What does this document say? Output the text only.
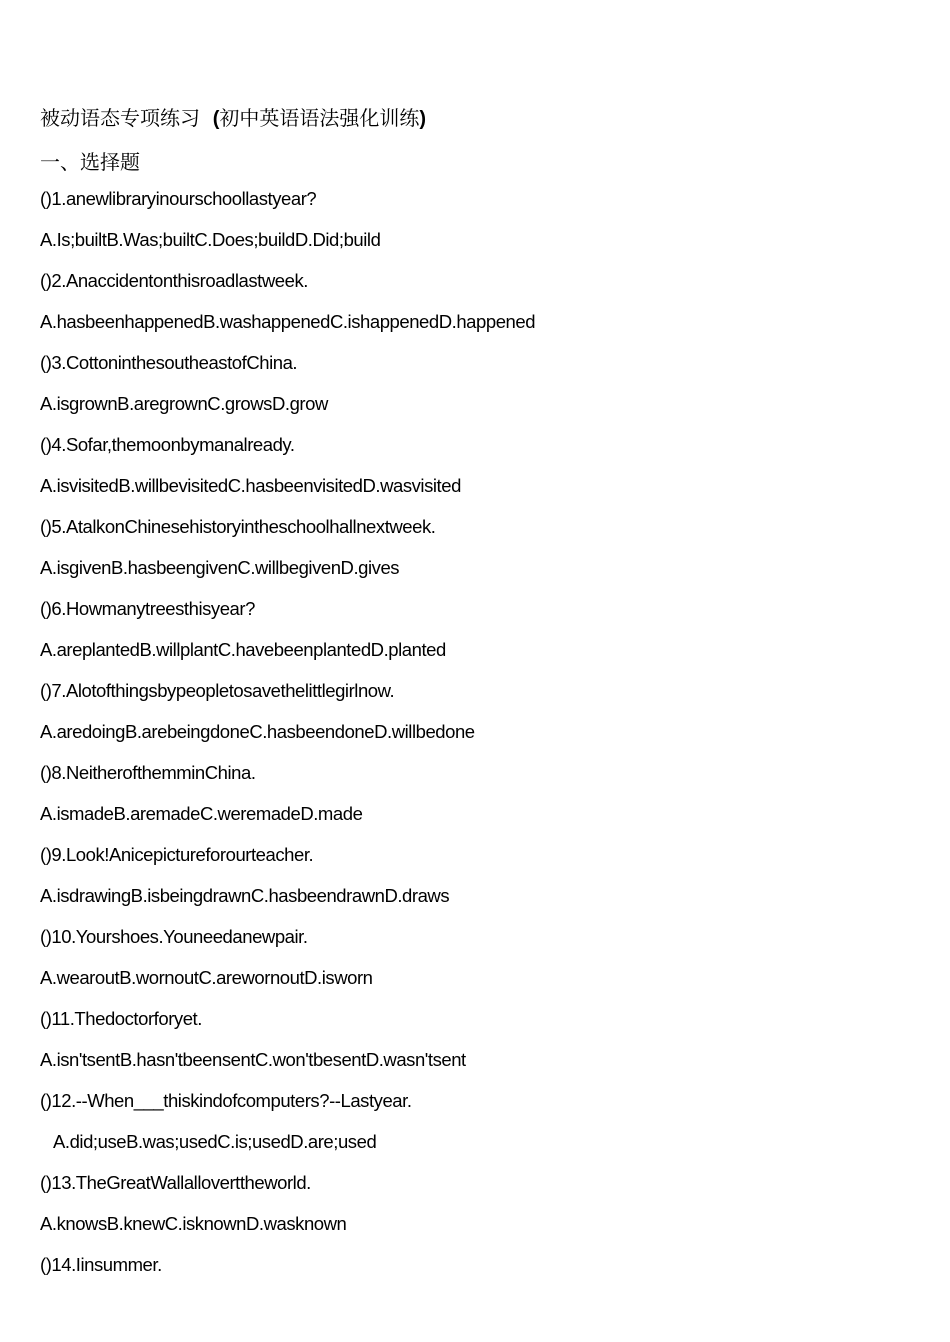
被动语态专项练习 (初中英语语法强化训练)
一、选择题
()1.anewlibraryinourschoollastyear?
A.Is;builtB.Was;builtC.Does;buildD.Did;build
()2.Anaccidentonthisroadlastweek.
A.hasbeenhappenedB.washappenedC.ishappenedD.happened
()3.CottoninthesoutheastofChina.
A.isgrownB.aregrownC.growsD.grow
()4.Sofar,themoonbymanalready.
A.isvisitedB.willbevisitedC.hasbeenvisitedD.wasvisited
()5.AtalkonChinesehistoryintheschoolhallnextweek.
A.isgivenB.hasbeengivenC.willbegivenD.gives
()6.Howmanytreesthisyear?
A.areplantedB.willplantC.havebeenplantedD.planted
()7.Alotofthingsbypeopletosavethelittlegirlnow.
A.aredoingB.arebeingdoneC.hasbeendoneD.willbedone
()8.NeitherofthemminChina.
A.ismadeB.aremadeC.weremadeD.made
()9.Look!Anicepictureforourteacher.
A.isdrawingB.isbeingdrawnC.hasbeendrawnD.draws
()10.Yourshoes.Youneedanewpair.
A.wearoutB.wornoutC.arewornoutD.isworn
()11.Thedoctorforyet.
A.isn'tsentB.hasn'tbeensentC.won'tbesentD.wasn'tsent
()12.--When___thiskindofcomputers?--Lastyear.
A.did;useB.was;usedC.is;usedD.are;used
()13.TheGreatWallalloverttheworld.
A.knowsB.knewC.isknownD.wasknown
()14.Iinsummer.
